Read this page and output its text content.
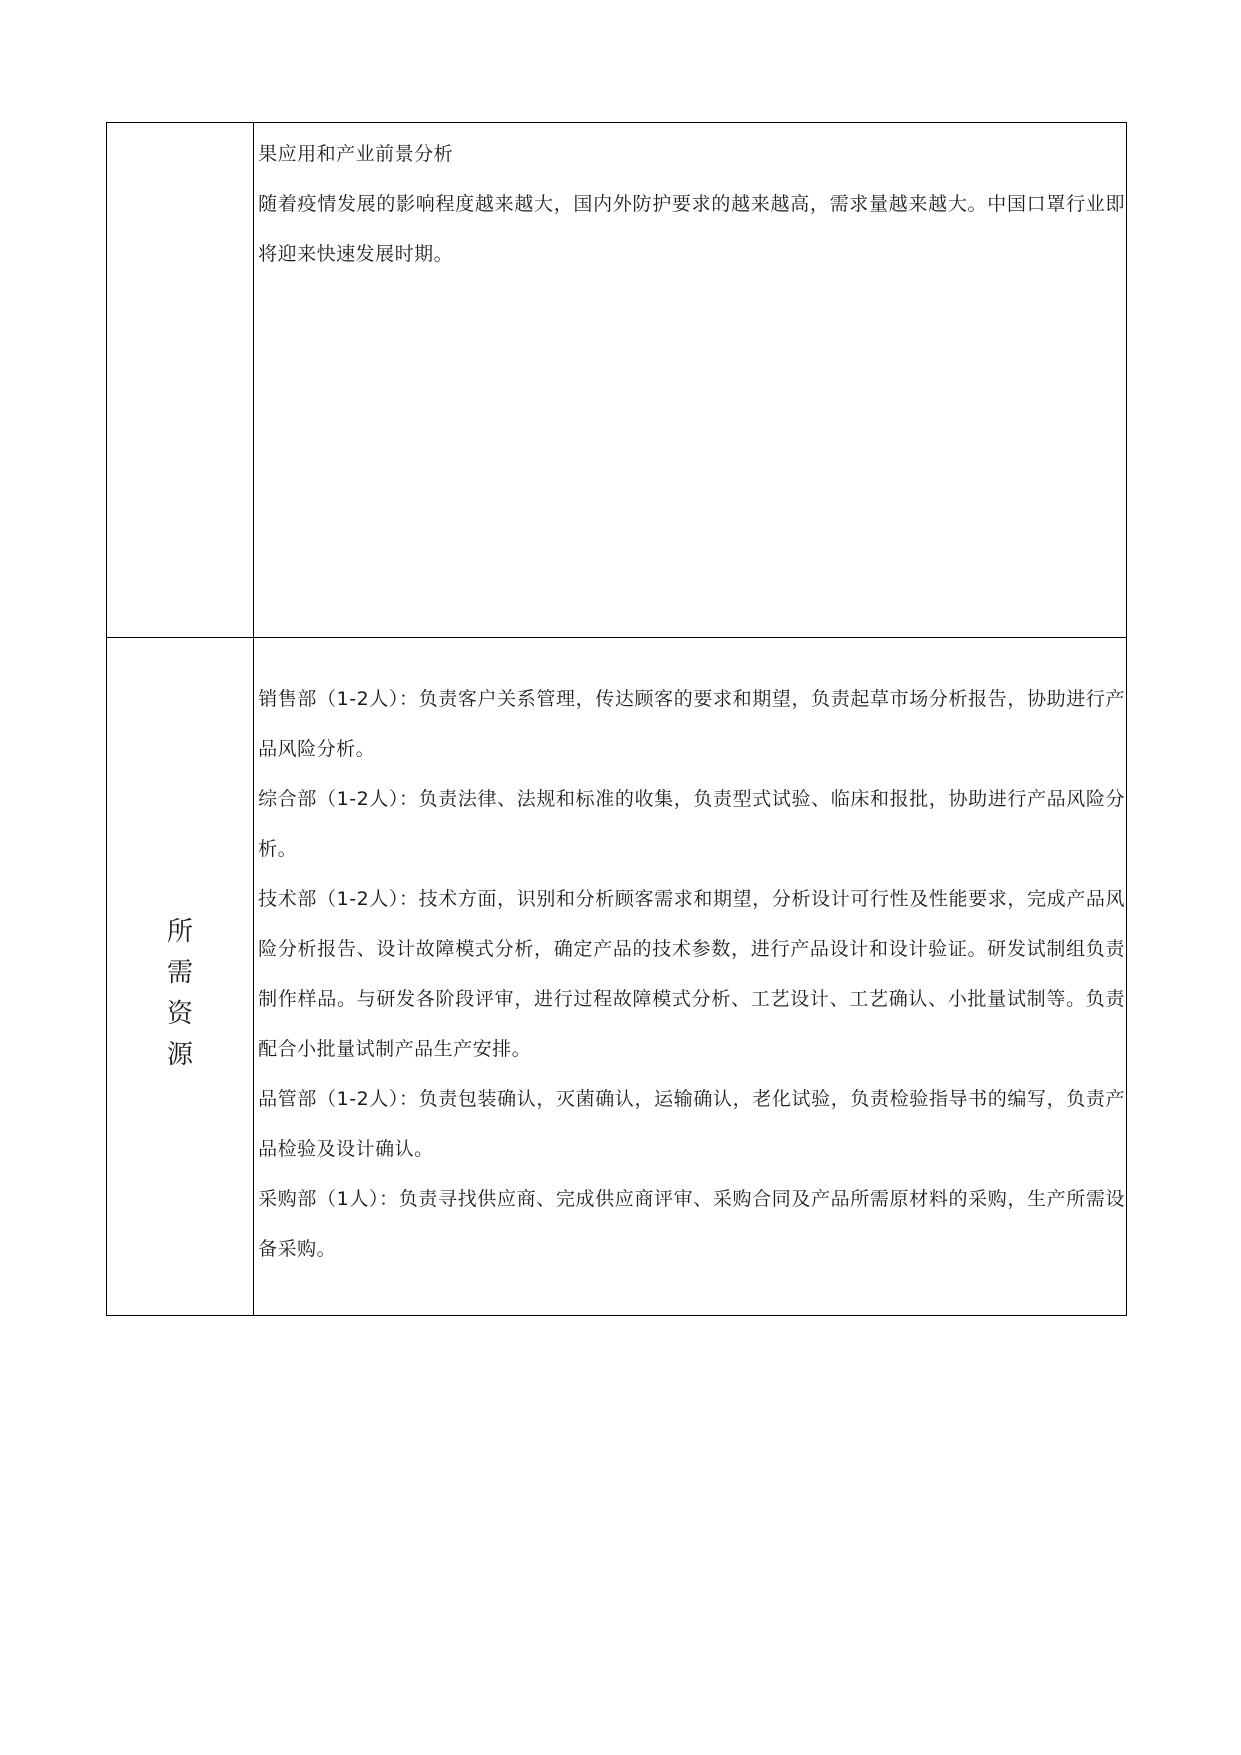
	果应用和产业前景分析

随着疫情发展的影响程度越来越大，国内外防护要求的越来越高，需求量越来越大。中国口罩行业即将迎来快速发展时期。

所需资源	销售部（1-2人）：负责客户关系管理，传达顾客的要求和期望，负责起草市场分析报告，协助进行产品风险分析。

综合部（1-2人）：负责法律、法规和标准的收集，负责型式试验、临床和报批，协助进行产品风险分析。

技术部（1-2人）：技术方面，识别和分析顾客需求和期望，分析设计可行性及性能要求，完成产品风险分析报告、设计故障模式分析，确定产品的技术参数，进行产品设计和设计验证。研发试制组负责制作样品。与研发各阶段评审，进行过程故障模式分析、工艺设计、工艺确认、小批量试制等。负责配合小批量试制产品生产安排。

品管部（1-2人）：负责包装确认，灭菌确认，运输确认，老化试验，负责检验指导书的编写，负责产品检验及设计确认。

采购部（1人）：负责寻找供应商、完成供应商评审、采购合同及产品所需原材料的采购，生产所需设备采购。
